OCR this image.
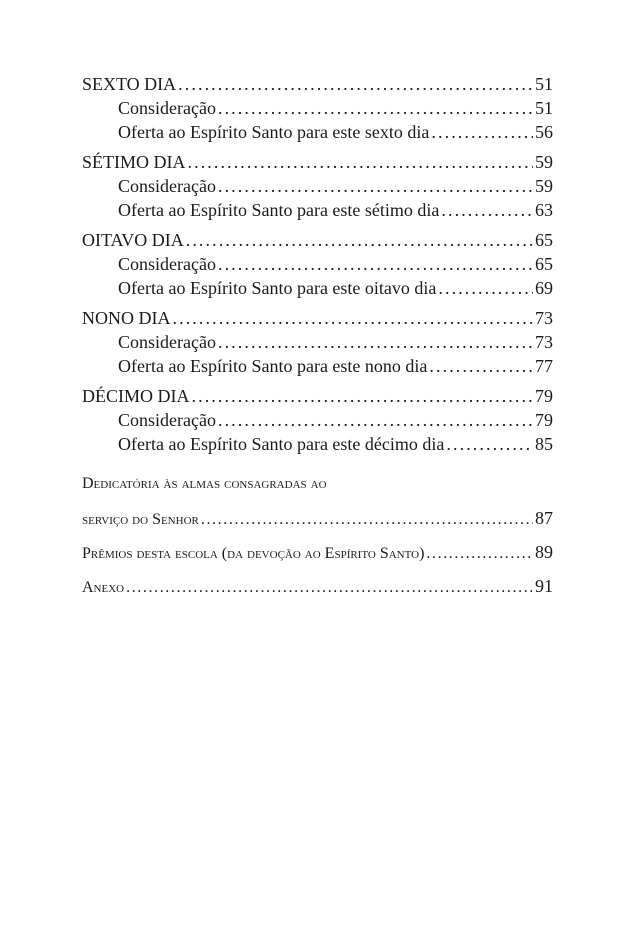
SEXTO DIA . . .	51
Consideração . . .	51
Oferta ao Espírito Santo para este sexto dia . . .	56
SÉTIMO DIA . . .	59
Consideração . . .	59
Oferta ao Espírito Santo para este sétimo dia . . .	63
OITAVO DIA . . .	65
Consideração . . .	65
Oferta ao Espírito Santo para este oitavo dia . . .	69
NONO DIA . . .	73
Consideração . . .	73
Oferta ao Espírito Santo para este nono dia . . .	77
DÉCIMO DIA . . .	79
Consideração . . .	79
Oferta ao Espírito Santo para este décimo dia . . .	85
Dedicatória às almas consagradas ao
serviço do Senhor . . .	87
Prêmios desta escola (da devoção ao Espírito Santo) . . .	89
Anexo . . .	91
